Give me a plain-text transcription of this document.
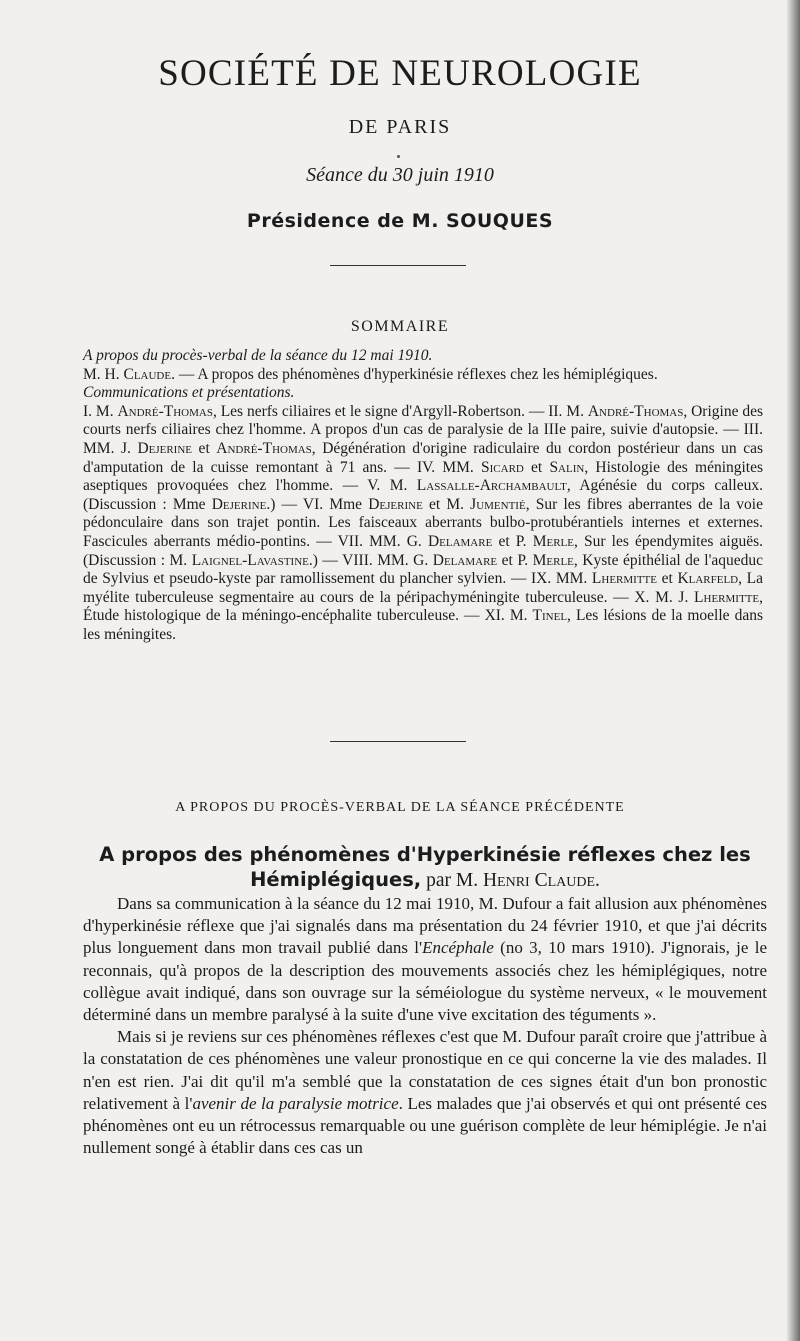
SOCIÉTÉ DE NEUROLOGIE
DE PARIS
Séance du 30 juin 1910
Présidence de M. SOUQUES
SOMMAIRE

A propos du procès-verbal de la séance du 12 mai 1910.

M. H. Claude. — A propos des phénomènes d'hyperkinésie réflexes chez les hémiplégiques.

Communications et présentations.

I. M. André-Thomas, Les nerfs ciliaires et le signe d'Argyll-Robertson. — II. M. André-Thomas, Origine des courts nerfs ciliaires chez l'homme. A propos d'un cas de paralysie de la IIIe paire, suivie d'autopsie. — III. MM. J. Dejerine et André-Thomas, Dégénération d'origine radiculaire du cordon postérieur dans un cas d'amputation de la cuisse remontant à 71 ans. — IV. MM. Sicard et Salin, Histologie des méningites aseptiques provoquées chez l'homme. — V. M. Lassalle-Archambault, Agénésie du corps calleux. (Discussion : Mme Dejerine.) — VI. Mme Dejerine et M. Jumentié, Sur les fibres aberrantes de la voie pédonculaire dans son trajet pontin. Les faisceaux aberrants bulbo-protubérantiels internes et externes. Fascicules aberrants médio-pontins. — VII. MM. G. Delamare et P. Merle, Sur les épendymites aiguës. (Discussion : M. Laignel-Lavastine.) — VIII. MM. G. Delamare et P. Merle, Kyste épithélial de l'aqueduc de Sylvius et pseudo-kyste par ramollissement du plancher sylvien. — IX. MM. Lhermitte et Klarfeld, La myélite tuberculeuse segmentaire au cours de la péripachyméningite tuberculeuse. — X. M. J. Lhermitte, Étude histologique de la méningo-encéphalite tuberculeuse. — XI. M. Tinel, Les lésions de la moelle dans les méningites.

A PROPOS DU PROCÈS-VERBAL DE LA SÉANCE PRÉCÉDENTE
A propos des phénomènes d'Hyperkinésie réflexes chez les Hémiplégiques, par M. Henri Claude.

Dans sa communication à la séance du 12 mai 1910, M. Dufour a fait allusion aux phénomènes d'hyperkinésie réflexe que j'ai signalés dans ma présentation du 24 février 1910, et que j'ai décrits plus longuement dans mon travail publié dans l'Encéphale (no 3, 10 mars 1910). J'ignorais, je le reconnais, qu'à propos de la description des mouvements associés chez les hémiplégiques, notre collègue avait indiqué, dans son ouvrage sur la séméiologue du système nerveux, « le mouvement déterminé dans un membre paralysé à la suite d'une vive excitation des téguments ».

Mais si je reviens sur ces phénomènes réflexes c'est que M. Dufour paraît croire que j'attribue à la constatation de ces phénomènes une valeur pronostique en ce qui concerne la vie des malades. Il n'en est rien. J'ai dit qu'il m'a semblé que la constatation de ces signes était d'un bon pronostic relativement à l'avenir de la paralysie motrice. Les malades que j'ai observés et qui ont présenté ces phénomènes ont eu un rétrocessus remarquable ou une guérison complète de leur hémiplégie. Je n'ai nullement songé à établir dans ces cas un
